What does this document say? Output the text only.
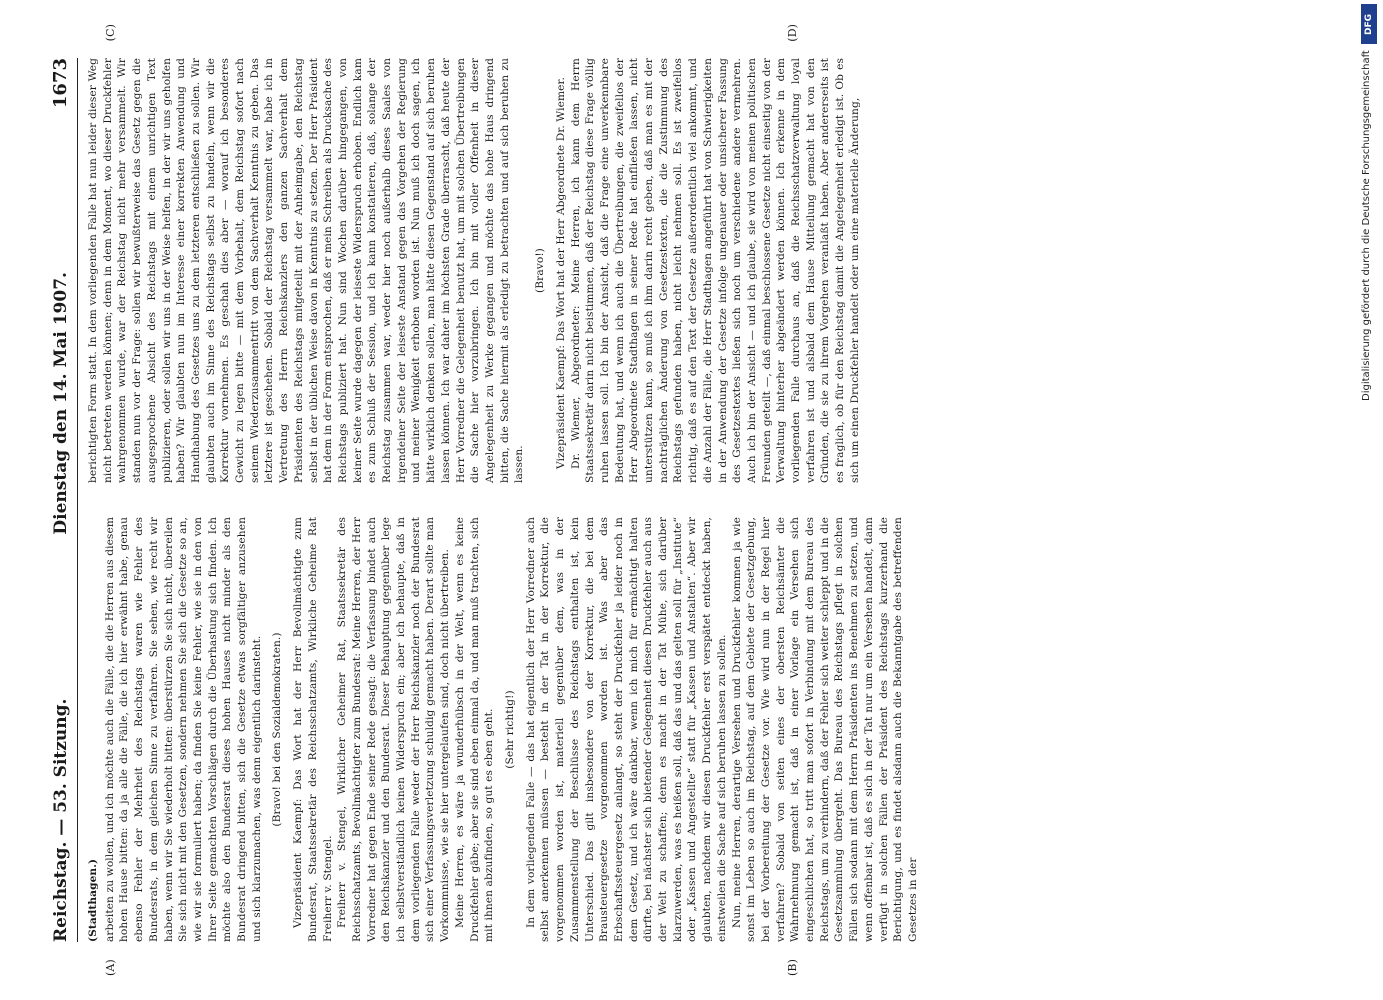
Reichstag. — 53. Sitzung.
Dienstag den 14. Mai 1907.
1673
(A)	(B)
(Stadthagen.) arbeiten zu wollen, und ich möchte auch die Fälle, die die Herren aus diesem hohen Hause bitten: da ja alle die Fälle, die ich hier erwähnt habe, genau ebenso Fehler der Mehrheit des Reichstags waren wie Fehler des Bundesrats, in dem gleichen Sinne zu verfahren. Sie sehen, wie recht wir haben, wenn wir Sie wiederholt bitten: überstürzen Sie sich nicht, übereilen Sie sich nicht mit den Gesetzen, sondern nehmen Sie sich die Gesetze so an, wie wir sie formuliert haben; da finden Sie keine Fehler, wie sie in den von Ihrer Seite gemachten Vorschlägen durch die Überhastung sich finden. Ich möchte also den Bundesrat dieses hohen Hauses nicht minder als den Bundesrat dringend bitten, sich die Gesetze etwas sorgfältiger anzusehen und sich klarzumachen, was denn eigentlich darinsteht. (Bravo! bei den Sozialdemokraten.) Vizepräsident Kaempf: Das Wort hat der Herr Bevollmächtigte zum Bundesrat, Staatssekretär des Reichsschatzamts, Wirkliche Geheime Rat Freiherr v. Stengel. Freiherr v. Stengel, Wirklicher Geheimer Rat, Staatssekretär des Reichsschatzamts, Bevollmächtigter zum Bundesrat: Meine Herren, der Herr Vorredner hat gegen Ende seiner Rede gesagt: die Verfassung bindet auch den Reichskanzler und den Bundesrat. Dieser Behauptung gegenüber lege ich selbstverständlich keinen Widerspruch ein; aber ich behaupte, daß in dem vorliegenden Falle weder der Herr Reichskanzler noch der Bundesrat sich einer Verfassungsverletzung schuldig gemacht haben. Derart sollte man Vorkommnisse, wie sie hier untergelaufen sind, doch nicht übertreiben. Meine Herren, es wäre ja wunderhübsch in der Welt, wenn es keine Druckfehler gäbe; aber sie sind eben einmal da, und man muß trachten, sich mit ihnen abzufinden, so gut es eben geht. (Sehr richtig!) In dem vorliegenden Falle — das hat eigentlich der Herr Vorredner auch selbst anerkennen müssen — besteht in der Tat in der Korrektur, die vorgenommen worden ist, materiell gegenüber dem, was in der Zusammenstellung der Beschlüsse des Reichstags enthalten ist, kein Unterschied. Das gilt insbesondere von der Korrektur, die bei dem Brausteuergesetze vorgenommen worden ist. Was aber das Erbschaftssteuergesetz anlangt, so steht der Druckfehler ja leider noch in dem Gesetz, und ich wäre dankbar, wenn ich mich für ermächtigt halten dürfte, bei nächster sich bietender Gelegenheit diesen Druckfehler auch aus der Welt zu schaffen; denn es macht in der Tat Mühe, sich darüber klarzuwerden, was es heißen soll, daß das und das gelten soll für „Institute“ oder „Kassen und Angestellte“ statt für „Kassen und Anstalten“. Aber wir glaubten, nachdem wir diesen Druckfehler erst verspätet entdeckt haben, einstweilen die Sache auf sich beruhen lassen zu sollen. Nun, meine Herren, derartige Versehen und Druckfehler kommen ja wie sonst im Leben so auch im Reichstag, auf dem Gebiete der Gesetzgebung, bei der Vorbereitung der Gesetze vor. Wie wird nun in der Regel hier verfahren? Sobald von seiten eines der obersten Reichsämter die Wahrnehmung gemacht ist, daß in einer Vorlage ein Versehen sich eingeschlichen hat, so tritt man sofort in Verbindung mit dem Bureau des Reichstags, um zu verhindern, daß der Fehler sich weiter schleppt und in die Gesetzsammlung übergeht. Das Bureau des Reichstags pflegt in solchen Fällen sich sodann mit dem Herrn Präsidenten ins Benehmen zu setzen, und wenn offenbar ist, daß es sich in der Tat nur um ein Versehen handelt, dann verfügt in solchen Fällen der Präsident des Reichstags kurzerhand die Berichtigung, und es findet alsdann auch die Bekanntgabe des betreffenden Gesetzes in der

(C)	(D)

berichtigten Form statt. In dem vorliegenden Falle hat nun leider dieser Weg nicht betreten werden können; denn in dem Moment, wo dieser Druckfehler wahrgenommen wurde, war der Reichstag nicht mehr versammelt. Wir standen nun vor der Frage: sollen wir bewußterweise das Gesetz gegen die ausgesprochene Absicht des Reichstags mit einem unrichtigen Text publizieren, oder sollen wir uns in der Weise helfen, in der wir uns geholfen haben? Wir glaubten nun im Interesse einer korrekten Anwendung und Handhabung des Gesetzes uns zu dem letzteren entschließen zu sollen. Wir glaubten auch im Sinne des Reichstags selbst zu handeln, wenn wir die Korrektur vornehmen. Es geschah dies aber — worauf ich besonderes Gewicht zu legen bitte — mit dem Vorbehalt, dem Reichstag sofort nach seinem Wiederzusammentritt von dem Sachverhalt Kenntnis zu geben. Das letztere ist geschehen. Sobald der Reichstag versammelt war, habe ich in Vertretung des Herrn Reichskanzlers den ganzen Sachverhalt dem Präsidenten des Reichstags mitgeteilt mit der Anheimgabe, den Reichstag selbst in der üblichen Weise davon in Kenntnis zu setzen. Der Herr Präsident hat dem in der Form entsprochen, daß er mein Schreiben als Drucksache des Reichstags publiziert hat. Nun sind Wochen darüber hingegangen, von keiner Seite wurde dagegen der leiseste Widerspruch erhoben. Endlich kam es zum Schluß der Session, und ich kann konstatieren, daß, solange der Reichstag zusammen war, weder hier noch außerhalb dieses Saales von irgendeiner Seite der leiseste Anstand gegen das Vorgehen der Regierung und meiner Wenigkeit erhoben worden ist. Nun muß ich doch sagen, ich hätte wirklich denken sollen, man hätte diesen Gegenstand auf sich beruhen lassen können. Ich war daher im höchsten Grade überrascht, daß heute der Herr Vorredner die Gelegenheit benutzt hat, um mit solchen Übertreibungen die Sache hier vorzubringen. Ich bin mit voller Offenheit in dieser Angelegenheit zu Werke gegangen und möchte das hohe Haus dringend bitten, die Sache hiermit als erledigt zu betrachten und auf sich beruhen zu lassen.

(Bravo!) Vizepräsident Kaempf: Das Wort hat der Herr Abgeordnete Dr. Wiemer. Dr. Wiemer, Abgeordneter: Meine Herren, ich kann dem Herrn Staatssekretär darin nicht beistimmen, daß der Reichstag diese Frage völlig ruhen lassen soll. Ich bin der Ansicht, daß die Frage eine unverkennbare Bedeutung hat, und wenn ich auch die Übertreibungen, die zweifellos der Herr Abgeordnete Stadthagen in seiner Rede hat einfließen lassen, nicht unterstützen kann, so muß ich ihm darin recht geben, daß man es mit der nachträglichen Änderung von Gesetzestexten, die die Zustimmung des Reichstags gefunden haben, nicht leicht nehmen soll. Es ist zweifellos richtig, daß es auf den Text der Gesetze außerordentlich viel ankommt, und die Anzahl der Fälle, die Herr Stadthagen angeführt hat von Schwierigkeiten in der Anwendung der Gesetze infolge ungenauer oder unsicherer Fassung des Gesetzestextes ließen sich noch um verschiedene andere vermehren. Auch ich bin der Ansicht — und ich glaube, sie wird von meinen politischen Freunden geteilt —, daß einmal beschlossene Gesetze nicht einseitig von der Verwaltung hinterher abgeändert werden können. Ich erkenne in dem vorliegenden Falle durchaus an, daß die Reichsschatzverwaltung loyal verfahren ist und alsbald dem Hause Mitteilung gemacht hat von den Gründen, die sie zu ihrem Vorgehen veranlaßt haben. Aber andererseits ist es fraglich, ob für den Reichstag damit die Angelegenheit erledigt ist. Ob es sich um einen Druckfehler handelt oder um eine materielle Änderung,

DFG
Digitalisierung gefördert durch die Deutsche Forschungsgemeinschaft
